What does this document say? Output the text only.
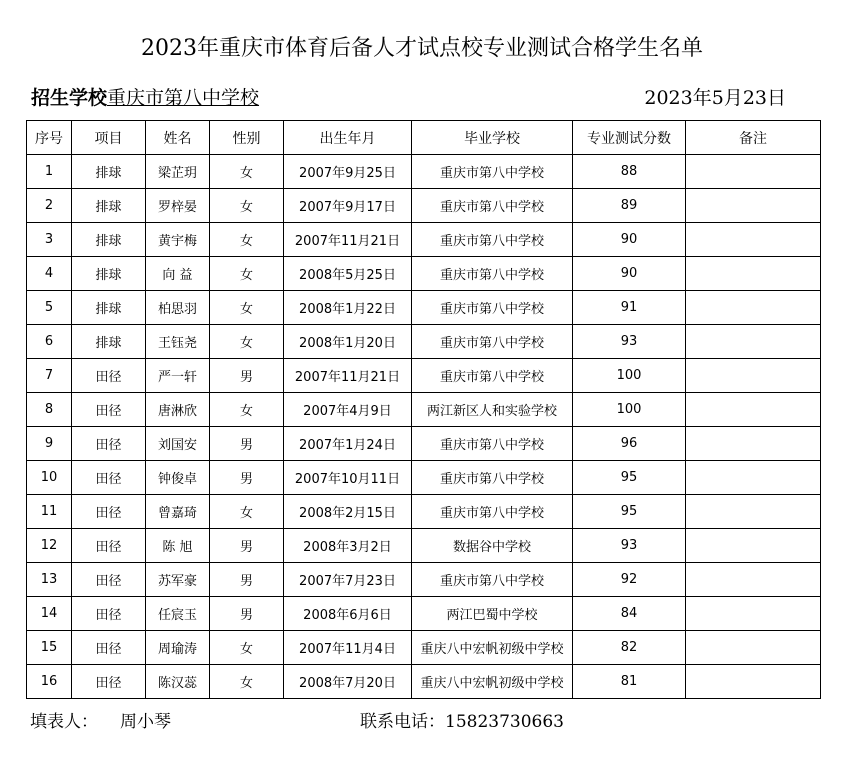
2023年重庆市体育后备人才试点校专业测试合格学生名单
招生学校重庆市第八中学校	2023年5月23日
序号	项目	姓名	性别	出生年月	毕业学校	专业测试分数	备注
1	排球	梁芷玥	女	2007年9月25日	重庆市第八中学校	88	
2	排球	罗梓晏	女	2007年9月17日	重庆市第八中学校	89	
3	排球	黄宇梅	女	2007年11月21日	重庆市第八中学校	90	
4	排球	向 益	女	2008年5月25日	重庆市第八中学校	90	
5	排球	柏思羽	女	2008年1月22日	重庆市第八中学校	91	
6	排球	王钰尧	女	2008年1月20日	重庆市第八中学校	93	
7	田径	严一轩	男	2007年11月21日	重庆市第八中学校	100	
8	田径	唐淋欣	女	2007年4月9日	两江新区人和实验学校	100	
9	田径	刘国安	男	2007年1月24日	重庆市第八中学校	96	
10	田径	钟俊卓	男	2007年10月11日	重庆市第八中学校	95	
11	田径	曾嘉琦	女	2008年2月15日	重庆市第八中学校	95	
12	田径	陈 旭	男	2008年3月2日	数据谷中学校	93	
13	田径	苏军豪	男	2007年7月23日	重庆市第八中学校	92	
14	田径	任宸玉	男	2008年6月6日	两江巴蜀中学校	84	
15	田径	周瑜涛	女	2007年11月4日	重庆八中宏帆初级中学校	82	
16	田径	陈汉蕊	女	2008年7月20日	重庆八中宏帆初级中学校	81	
填表人： 周小琴	联系电话：15823730663
